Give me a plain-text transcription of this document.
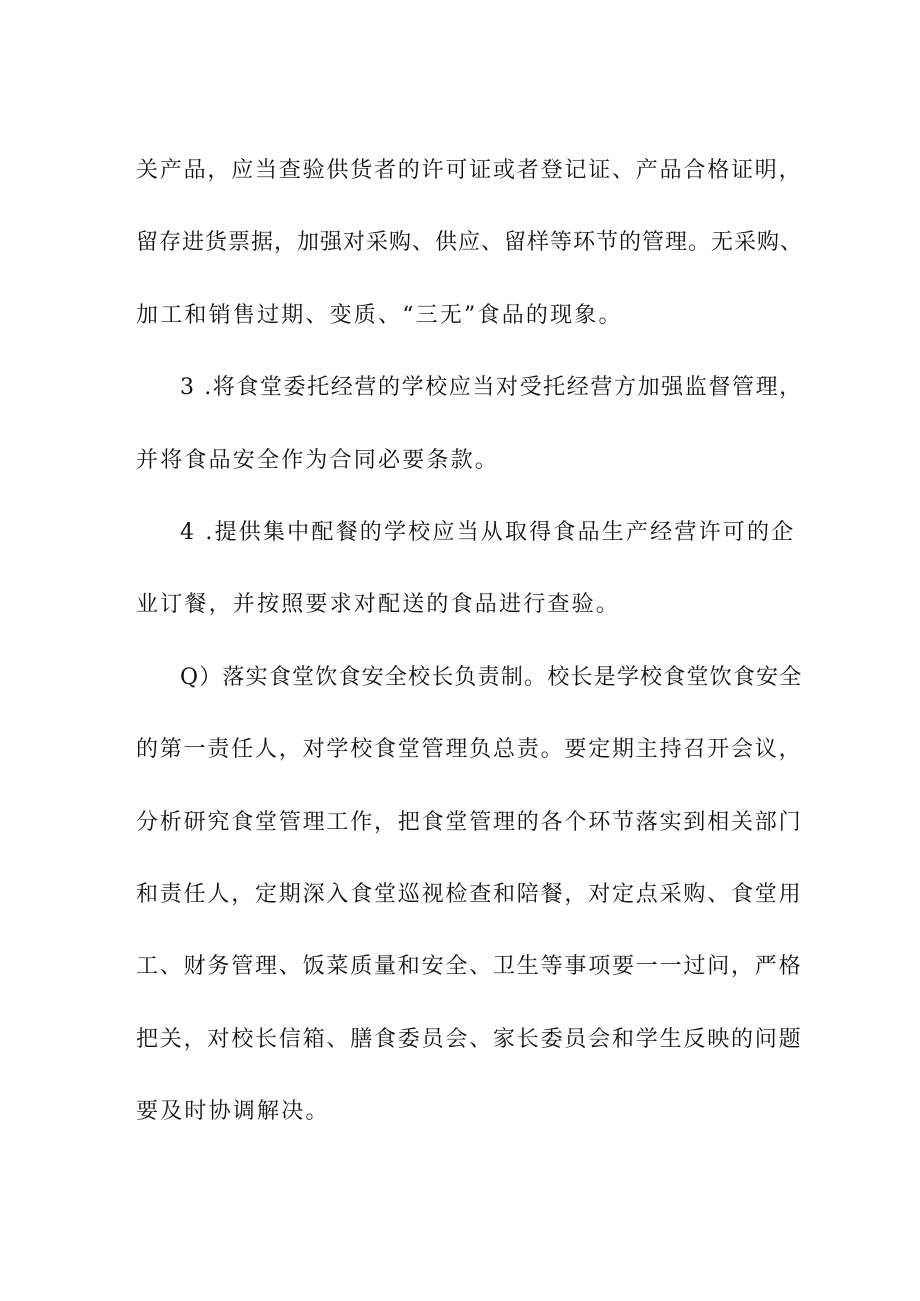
关产品，应当查验供货者的许可证或者登记证、产品合格证明，
留存进货票据，加强对采购、供应、留样等环节的管理。无采购、
加工和销售过期、变质、“三无”食品的现象。
3 .将食堂委托经营的学校应当对受托经营方加强监督管理，
并将食品安全作为合同必要条款。
4 .提供集中配餐的学校应当从取得食品生产经营许可的企
业订餐，并按照要求对配送的食品进行查验。
Q）落实食堂饮食安全校长负责制。校长是学校食堂饮食安全
的第一责任人，对学校食堂管理负总责。要定期主持召开会议，
分析研究食堂管理工作，把食堂管理的各个环节落实到相关部门
和责任人，定期深入食堂巡视检查和陪餐，对定点采购、食堂用
工、财务管理、饭菜质量和安全、卫生等事项要一一过问，严格
把关，对校长信箱、膳食委员会、家长委员会和学生反映的问题
要及时协调解决。
